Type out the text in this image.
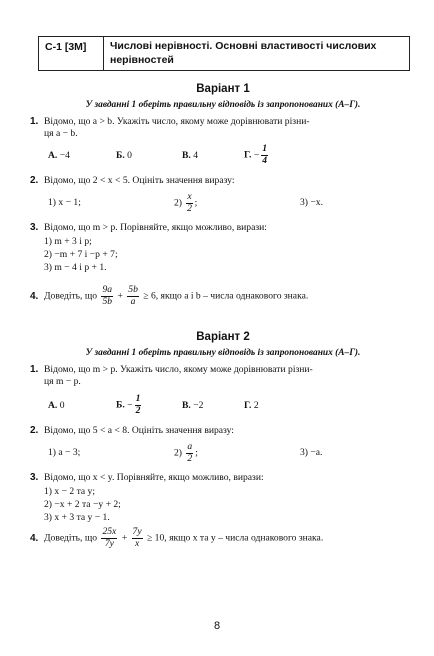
С-1 [3М]	Числові нерівності. Основні властивості числових нерівностей
Варіант 1
У завданні 1 оберіть правильну відповідь із запропонованих (А–Г).
1. Відомо, що a > b. Укажіть число, якому може дорівнювати різни-
ця a − b.
А. −4	Б. 0	В. 4	Г. − $\frac{1}{4}$
2. Відомо, що 2 < x < 5. Оцініть значення виразу:
1) x − 1;	$2) \frac{x}{2}$ ;	3) −x.
3. Відомо, що m > p. Порівняйте, якщо можливо, вирази:
1) m + 3 і p;
2) −m + 7 і −p + 7;
3) m − 4 і p + 1.
4. Доведіть, що $\frac{9a}{5b} + \frac{5b}{a} \ge 6$, якщо a і b – числа однакового знака.
Варіант 2
У завданні 1 оберіть правильну відповідь із запропонованих (А–Г).
1. Відомо, що m > p. Укажіть число, якому може дорівнювати різни-
ця m − p.
А. 0	Б. − $\frac{1}{2}$	В. −2	Г. 2
2. Відомо, що 5 < a < 8. Оцініть значення виразу:
1) a − 3;	$2) \frac{a}{2}$ ;	3) −a.
3. Відомо, що x < y. Порівняйте, якщо можливо, вирази:
1) x − 2 та y;
2) −x + 2 та −y + 2;
3) x + 3 та y − 1.
4. Доведіть, що $\frac{25x}{7y} + \frac{7y}{x} \ge 10$, якщо x та y – числа однакового знака.
8
